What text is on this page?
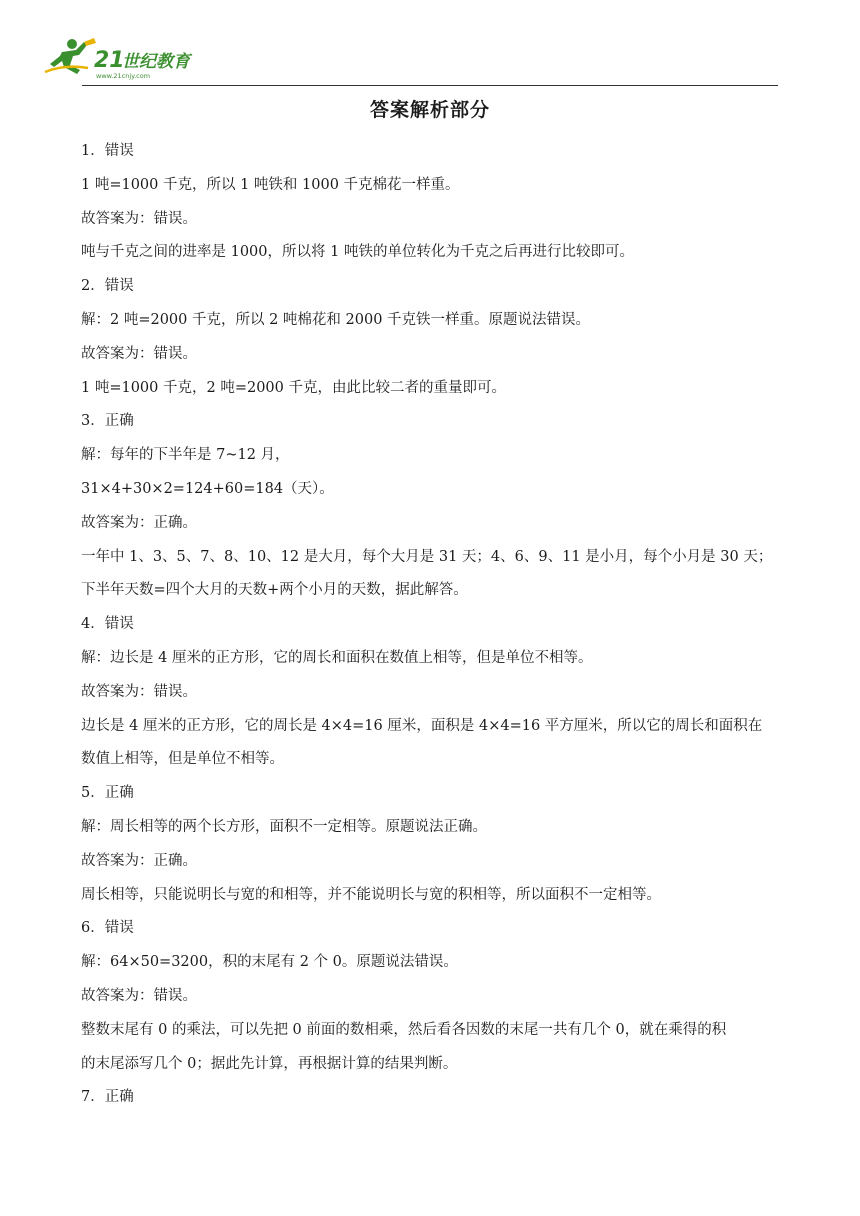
21
世纪教育
www.21cnjy.com
答案解析部分

1．错误

1 吨=1000 千克，所以 1 吨铁和 1000 千克棉花一样重。

故答案为：错误。

吨与千克之间的进率是 1000，所以将 1 吨铁的单位转化为千克之后再进行比较即可。

2．错误

解：2 吨=2000 千克，所以 2 吨棉花和 2000 千克铁一样重。原题说法错误。

故答案为：错误。

1 吨=1000 千克，2 吨=2000 千克，由此比较二者的重量即可。

3．正确

解：每年的下半年是 7~12 月，

31×4+30×2=124+60=184（天）。

故答案为：正确。

一年中 1、3、5、7、8、10、12 是大月，每个大月是 31 天；4、6、9、11 是小月，每个小月是 30 天；

下半年天数=四个大月的天数+两个小月的天数，据此解答。

4．错误

解：边长是 4 厘米的正方形，它的周长和面积在数值上相等，但是单位不相等。

故答案为：错误。

边长是 4 厘米的正方形，它的周长是 4×4=16 厘米，面积是 4×4=16 平方厘米，所以它的周长和面积在

数值上相等，但是单位不相等。

5．正确

解：周长相等的两个长方形，面积不一定相等。原题说法正确。

故答案为：正确。

周长相等，只能说明长与宽的和相等，并不能说明长与宽的积相等，所以面积不一定相等。

6．错误

解：64×50=3200，积的末尾有 2 个 0。原题说法错误。

故答案为：错误。

整数末尾有 0 的乘法，可以先把 0 前面的数相乘，然后看各因数的末尾一共有几个 0，就在乘得的积

的末尾添写几个 0；据此先计算，再根据计算的结果判断。

7．正确
